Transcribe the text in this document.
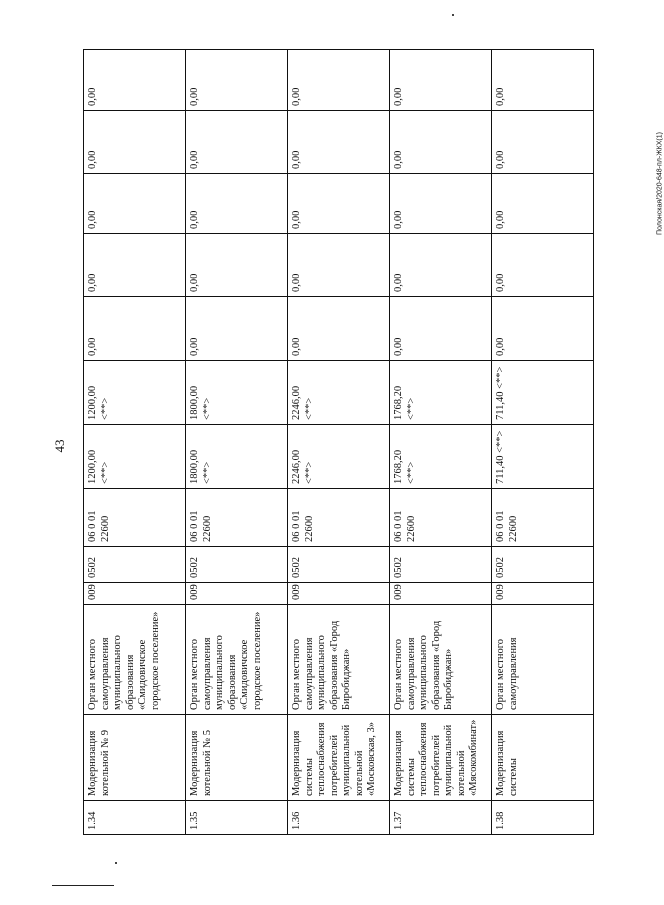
43
Полонская/2020-648-пл-ЖКХ(1)
1.34	Модернизация котельной № 9	Орган местного самоуправления муниципального образования «Смидовичское городское поселение»	009	0502	06 0 01 22600	1200,00 <**>	1200,00 <**>	0,00	0,00	0,00	0,00	0,00
1.35	Модернизация котельной № 5	Орган местного самоуправления муниципального образования «Смидовичское городское поселение»	009	0502	06 0 01 22600	1800,00 <**>	1800,00 <**>	0,00	0,00	0,00	0,00	0,00
1.36	Модернизация системы теплоснабжения потребителей муниципальной котельной «Московская, 3»	Орган местного самоуправления муниципального образования «Город Биробиджан»	009	0502	06 0 01 22600	2246,00 <**>	2246,00 <**>	0,00	0,00	0,00	0,00	0,00
1.37	Модернизация системы теплоснабжения потребителей муниципальной котельной «Мясокомбинат»	Орган местного самоуправления муниципального образования «Город Биробиджан»	009	0502	06 0 01 22600	1768,20 <**>	1768,20 <**>	0,00	0,00	0,00	0,00	0,00
1.38	Модернизация системы	Орган местного самоуправления	009	0502	06 0 01 22600	711,40 <**>	711,40 <**>	0,00	0,00	0,00	0,00	0,00
